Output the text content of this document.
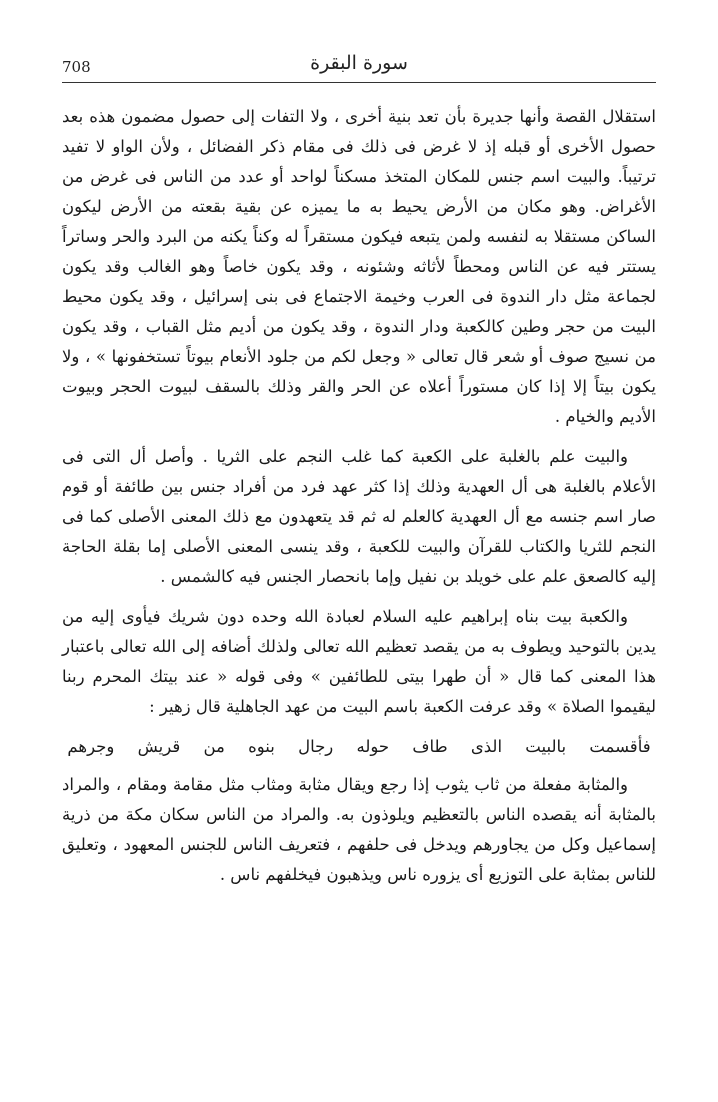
708	سورة البقرة

استقلال القصة وأنها جديرة بأن تعد بنية أخرى ، ولا التفات إلى حصول مضمون هذه بعد حصول الأخرى أو قبله إذ لا غرض فى ذلك فى مقام ذكر الفضائل ، ولأن الواو لا تفيد ترتيباً. والبيت اسم جنس للمكان المتخذ مسكناً لواحد أو عدد من الناس فى غرض من الأغراض. وهو مكان من الأرض يحيط به ما يميزه عن بقية بقعته من الأرض ليكون الساكن مستقلا به لنفسه ولمن يتبعه فيكون مستقراً له وكناً يكنه من البرد والحر وساتراً يستتر فيه عن الناس ومحطاً لأثاثه وشئونه ، وقد يكون خاصاً وهو الغالب وقد يكون لجماعة مثل دار الندوة فى العرب وخيمة الاجتماع فى بنى إسرائيل ، وقد يكون محيط البيت من حجر وطين كالكعبة ودار الندوة ، وقد يكون من أديم مثل القباب ، وقد يكون من نسيج صوف أو شعر قال تعالى « وجعل لكم من جلود الأنعام بيوتاً تستخفونها » ، ولا يكون بيتاً إلا إذا كان مستوراً أعلاه عن الحر والقر وذلك بالسقف لبيوت الحجر وبيوت الأديم والخيام .

والبيت علم بالغلبة على الكعبة كما غلب النجم على الثريا . وأصل أل التى فى الأعلام بالغلبة هى أل العهدية وذلك إذا كثر عهد فرد من أفراد جنس بين طائفة أو قوم صار اسم جنسه مع أل العهدية كالعلم له ثم قد يتعهدون مع ذلك المعنى الأصلى كما فى النجم للثريا والكتاب للقرآن والبيت للكعبة ، وقد ينسى المعنى الأصلى إما بقلة الحاجة إليه كالصعق علم على خويلد بن نفيل وإما بانحصار الجنس فيه كالشمس .

والكعبة بيت بناه إبراهيم عليه السلام لعبادة الله وحده دون شريك فيأوى إليه من يدين بالتوحيد ويطوف به من يقصد تعظيم الله تعالى ولذلك أضافه إلى الله تعالى باعتبار هذا المعنى كما قال « أن طهرا بيتى للطائفين » وفى قوله « عند بيتك المحرم ربنا ليقيموا الصلاة » وقد عرفت الكعبة باسم البيت من عهد الجاهلية قال زهير :

فأقسمت بالبيت الذى طاف حوله رجال بنوه من قريش وجرهم

والمثابة مفعلة من ثاب يثوب إذا رجع ويقال مثابة ومثاب مثل مقامة ومقام ، والمراد بالمثابة أنه يقصده الناس بالتعظيم ويلوذون به. والمراد من الناس سكان مكة من ذرية إسماعيل وكل من يجاورهم ويدخل فى حلفهم ، فتعريف الناس للجنس المعهود ، وتعليق للناس بمثابة على التوزيع أى يزوره ناس ويذهبون فيخلفهم ناس .
